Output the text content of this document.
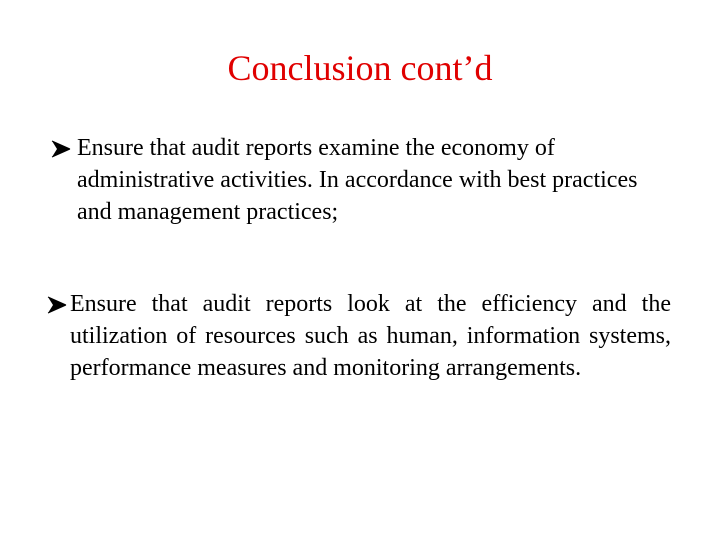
Conclusion cont’d
Ensure that audit reports examine the economy of administrative activities. In accordance with best practices and management practices;
Ensure that audit reports look at the efficiency and the utilization of resources such as human, information systems, performance measures and monitoring arrangements.
